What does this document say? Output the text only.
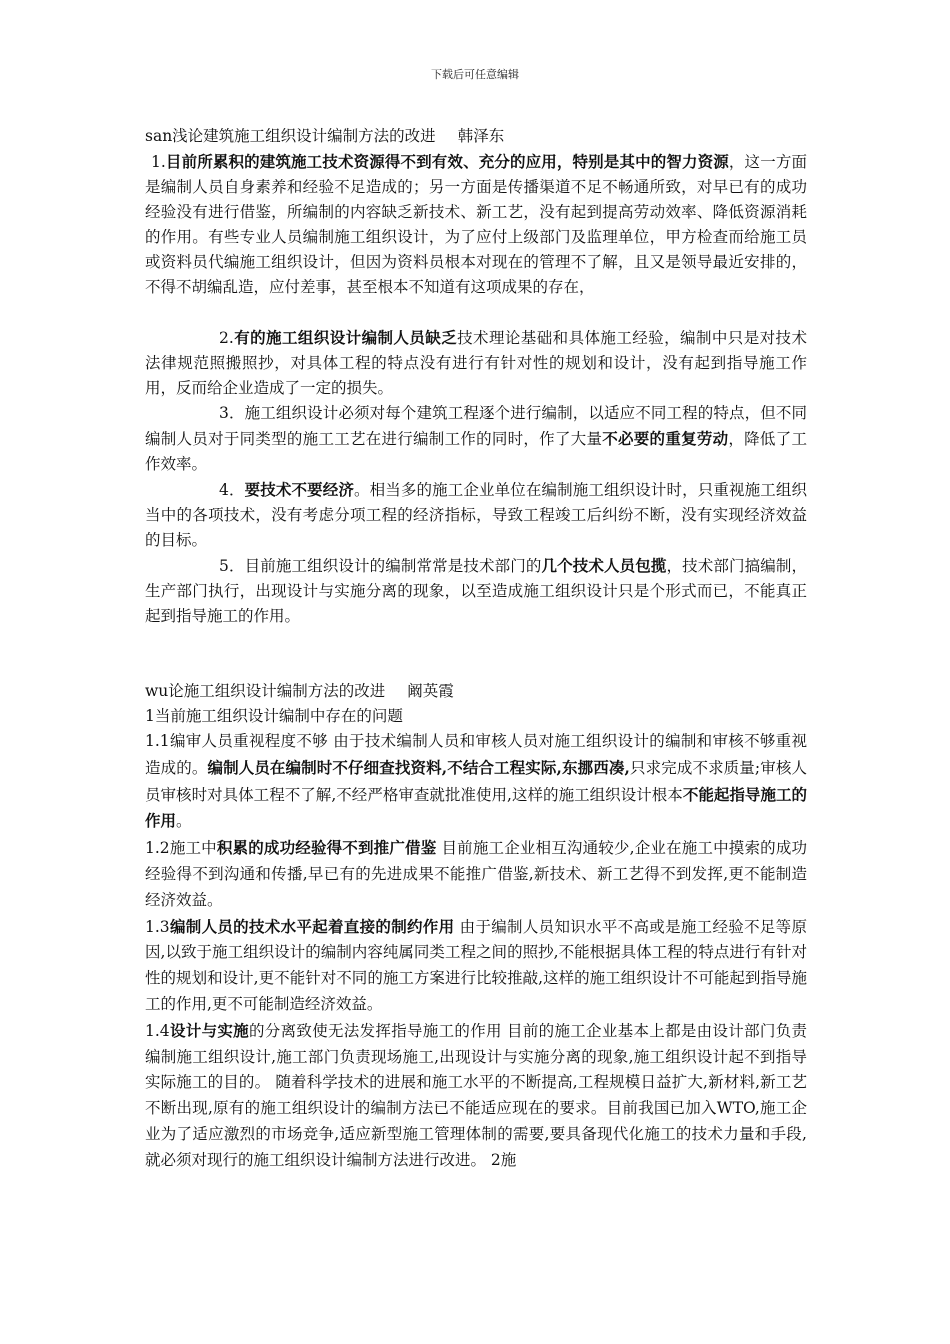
下载后可任意编辑

san浅论建筑施工组织设计编制方法的改进 韩泽东

1.目前所累积的建筑施工技术资源得不到有效、充分的应用，特别是其中的智力资源，这一方面是编制人员自身素养和经验不足造成的；另一方面是传播渠道不足不畅通所致，对早已有的成功经验没有进行借鉴，所编制的内容缺乏新技术、新工艺，没有起到提高劳动效率、降低资源消耗的作用。有些专业人员编制施工组织设计，为了应付上级部门及监理单位，甲方检查而给施工员或资料员代编施工组织设计，但因为资料员根本对现在的管理不了解，且又是领导最近安排的，不得不胡编乱造，应付差事，甚至根本不知道有这项成果的存在，

2.有的施工组织设计编制人员缺乏技术理论基础和具体施工经验，编制中只是对技术法律规范照搬照抄，对具体工程的特点没有进行有针对性的规划和设计，没有起到指导施工作用，反而给企业造成了一定的损失。

3．施工组织设计必须对每个建筑工程逐个进行编制，以适应不同工程的特点，但不同编制人员对于同类型的施工工艺在进行编制工作的同时，作了大量不必要的重复劳动，降低了工作效率。

4．要技术不要经济。相当多的施工企业单位在编制施工组织设计时，只重视施工组织当中的各项技术，没有考虑分项工程的经济指标，导致工程竣工后纠纷不断，没有实现经济效益的目标。

5．目前施工组织设计的编制常常是技术部门的几个技术人员包揽，技术部门搞编制，生产部门执行，出现设计与实施分离的现象，以至造成施工组织设计只是个形式而已，不能真正起到指导施工的作用。

wu论施工组织设计编制方法的改进 阚英霞

1当前施工组织设计编制中存在的问题

1.1编审人员重视程度不够 由于技术编制人员和审核人员对施工组织设计的编制和审核不够重视造成的。编制人员在编制时不仔细查找资料,不结合工程实际,东挪西凑,只求完成不求质量;审核人员审核时对具体工程不了解,不经严格审查就批准使用,这样的施工组织设计根本不能起指导施工的作用。

1.2施工中积累的成功经验得不到推广借鉴 目前施工企业相互沟通较少,企业在施工中摸索的成功经验得不到沟通和传播,早已有的先进成果不能推广借鉴,新技术、新工艺得不到发挥,更不能制造经济效益。

1.3编制人员的技术水平起着直接的制约作用 由于编制人员知识水平不高或是施工经验不足等原因,以致于施工组织设计的编制内容纯属同类工程之间的照抄,不能根据具体工程的特点进行有针对性的规划和设计,更不能针对不同的施工方案进行比较推敲,这样的施工组织设计不可能起到指导施工的作用,更不可能制造经济效益。

1.4设计与实施的分离致使无法发挥指导施工的作用 目前的施工企业基本上都是由设计部门负责编制施工组织设计,施工部门负责现场施工,出现设计与实施分离的现象,施工组织设计起不到指导实际施工的目的。 随着科学技术的进展和施工水平的不断提高,工程规模日益扩大,新材料,新工艺不断出现,原有的施工组织设计的编制方法已不能适应现在的要求。目前我国已加入WTO,施工企业为了适应激烈的市场竞争,适应新型施工管理体制的需要,要具备现代化施工的技术力量和手段,就必须对现行的施工组织设计编制方法进行改进。 2施
